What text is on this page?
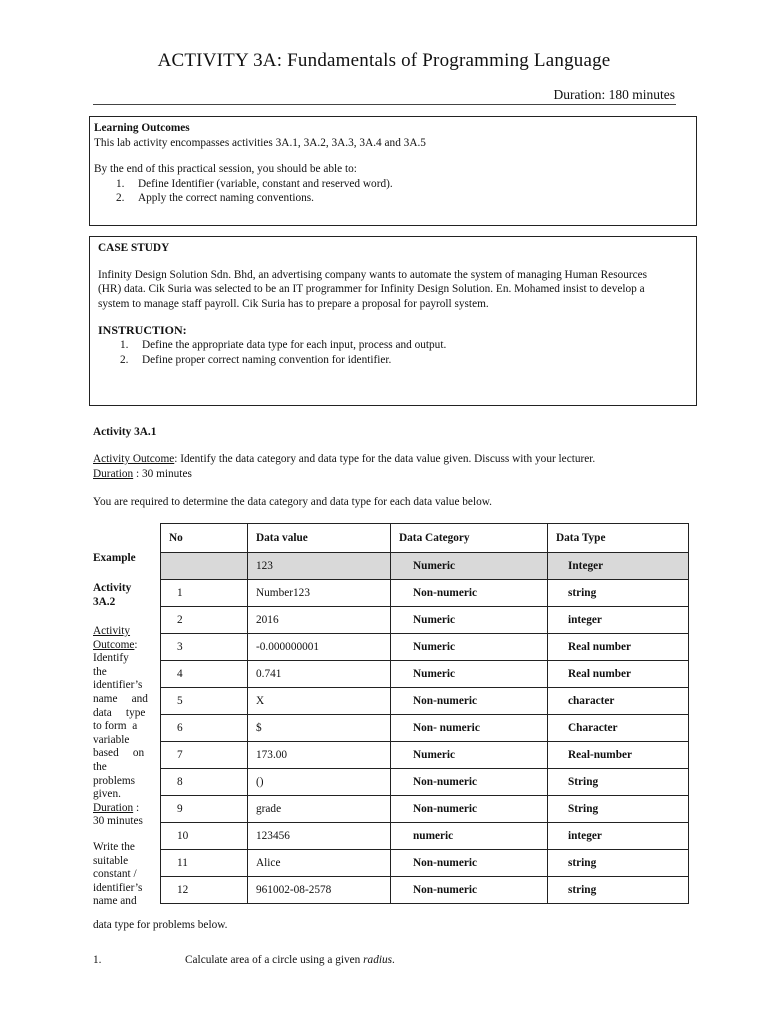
ACTIVITY 3A: Fundamentals of Programming Language
Duration: 180 minutes
Learning Outcomes
This lab activity encompasses activities 3A.1, 3A.2, 3A.3, 3A.4 and 3A.5
By the end of this practical session, you should be able to:
1.	Define Identifier (variable, constant and reserved word).
2.	Apply the correct naming conventions.
CASE STUDY
Infinity Design Solution Sdn. Bhd, an advertising company wants to automate the system of managing Human Resources (HR) data. Cik Suria was selected to be an IT programmer for Infinity Design Solution. En. Mohamed insist to develop a system to manage staff payroll. Cik Suria has to prepare a proposal for payroll system.
INSTRUCTION:
1.	Define the appropriate data type for each input, process and output.
2.	Define proper correct naming convention for identifier.
Activity 3A.1
Activity Outcome: Identify the data category and data type for the data value given. Discuss with your lecturer.
Duration : 30 minutes
You are required to determine the data category and data type for each data value below.
No	Data value	Data Category	Data Type
	123	Numeric	Integer
1	Number123	Non-numeric	string
2	2016	Numeric	integer
3	-0.000000001	Numeric	Real number
4	0.741	Numeric	Real number
5	X	Non-numeric	character
6	$	Non- numeric	Character
7	173.00	Numeric	Real-number
8	()	Non-numeric	String
9	grade	Non-numeric	String
10	123456	numeric	integer
11	Alice	Non-numeric	string
12	961002-08-2578	Non-numeric	string
Example
Activity
3A.2
Activity
Outcome:
Identify
the
identifier’s
name     and
data     type
to form  a
variable
based     on
the
problems
given.
Duration :
30 minutes
Write the
suitable
constant /
identifier’s
name and
data type for problems below.
1.	Calculate area of a circle using a given radius.
